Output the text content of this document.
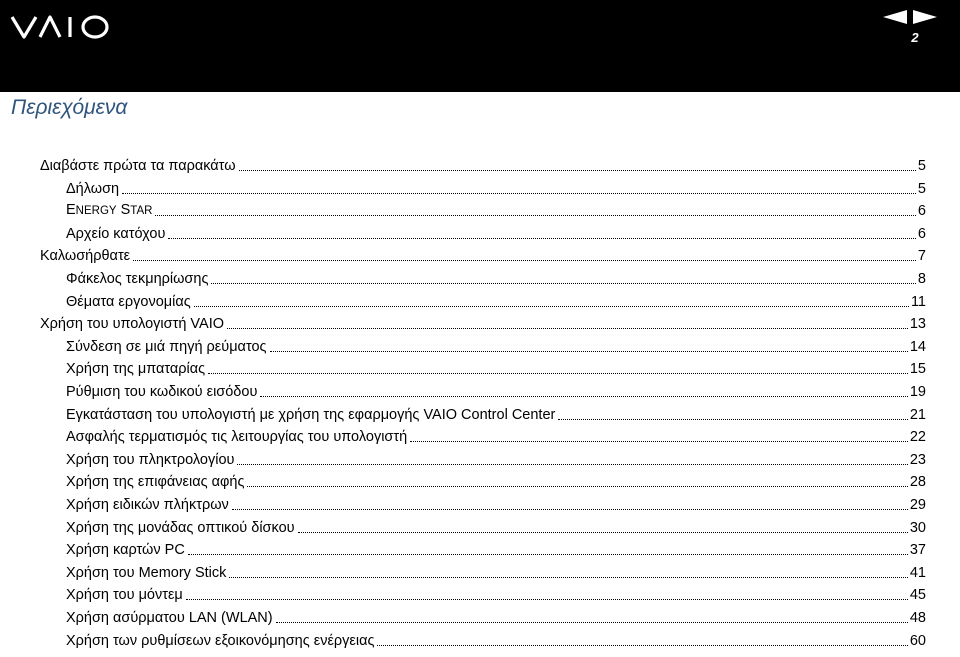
2
Περιεχόμενα
Διαβάστε πρώτα τα παρακάτω	5
Δήλωση	5
ENERGY STAR	6
Αρχείο κατόχου	6
Καλωσήρθατε	7
Φάκελος τεκμηρίωσης	8
Θέματα εργονομίας	11
Χρήση του υπολογιστή VAIO	13
Σύνδεση σε μιά πηγή ρεύματος	14
Χρήση της μπαταρίας	15
Ρύθμιση του κωδικού εισόδου	19
Εγκατάσταση του υπολογιστή με χρήση της εφαρμογής VAIO Control Center	21
Ασφαλής τερματισμός τις λειτουργίας του υπολογιστή	22
Χρήση του πληκτρολογίου	23
Χρήση της επιφάνειας αφής	28
Χρήση ειδικών πλήκτρων	29
Χρήση της μονάδας οπτικού δίσκου	30
Χρήση καρτών PC	37
Χρήση του Memory Stick	41
Χρήση του μόντεμ	45
Χρήση ασύρματου LAN (WLAN)	48
Χρήση των ρυθμίσεων εξοικονόμησης ενέργειας	60
